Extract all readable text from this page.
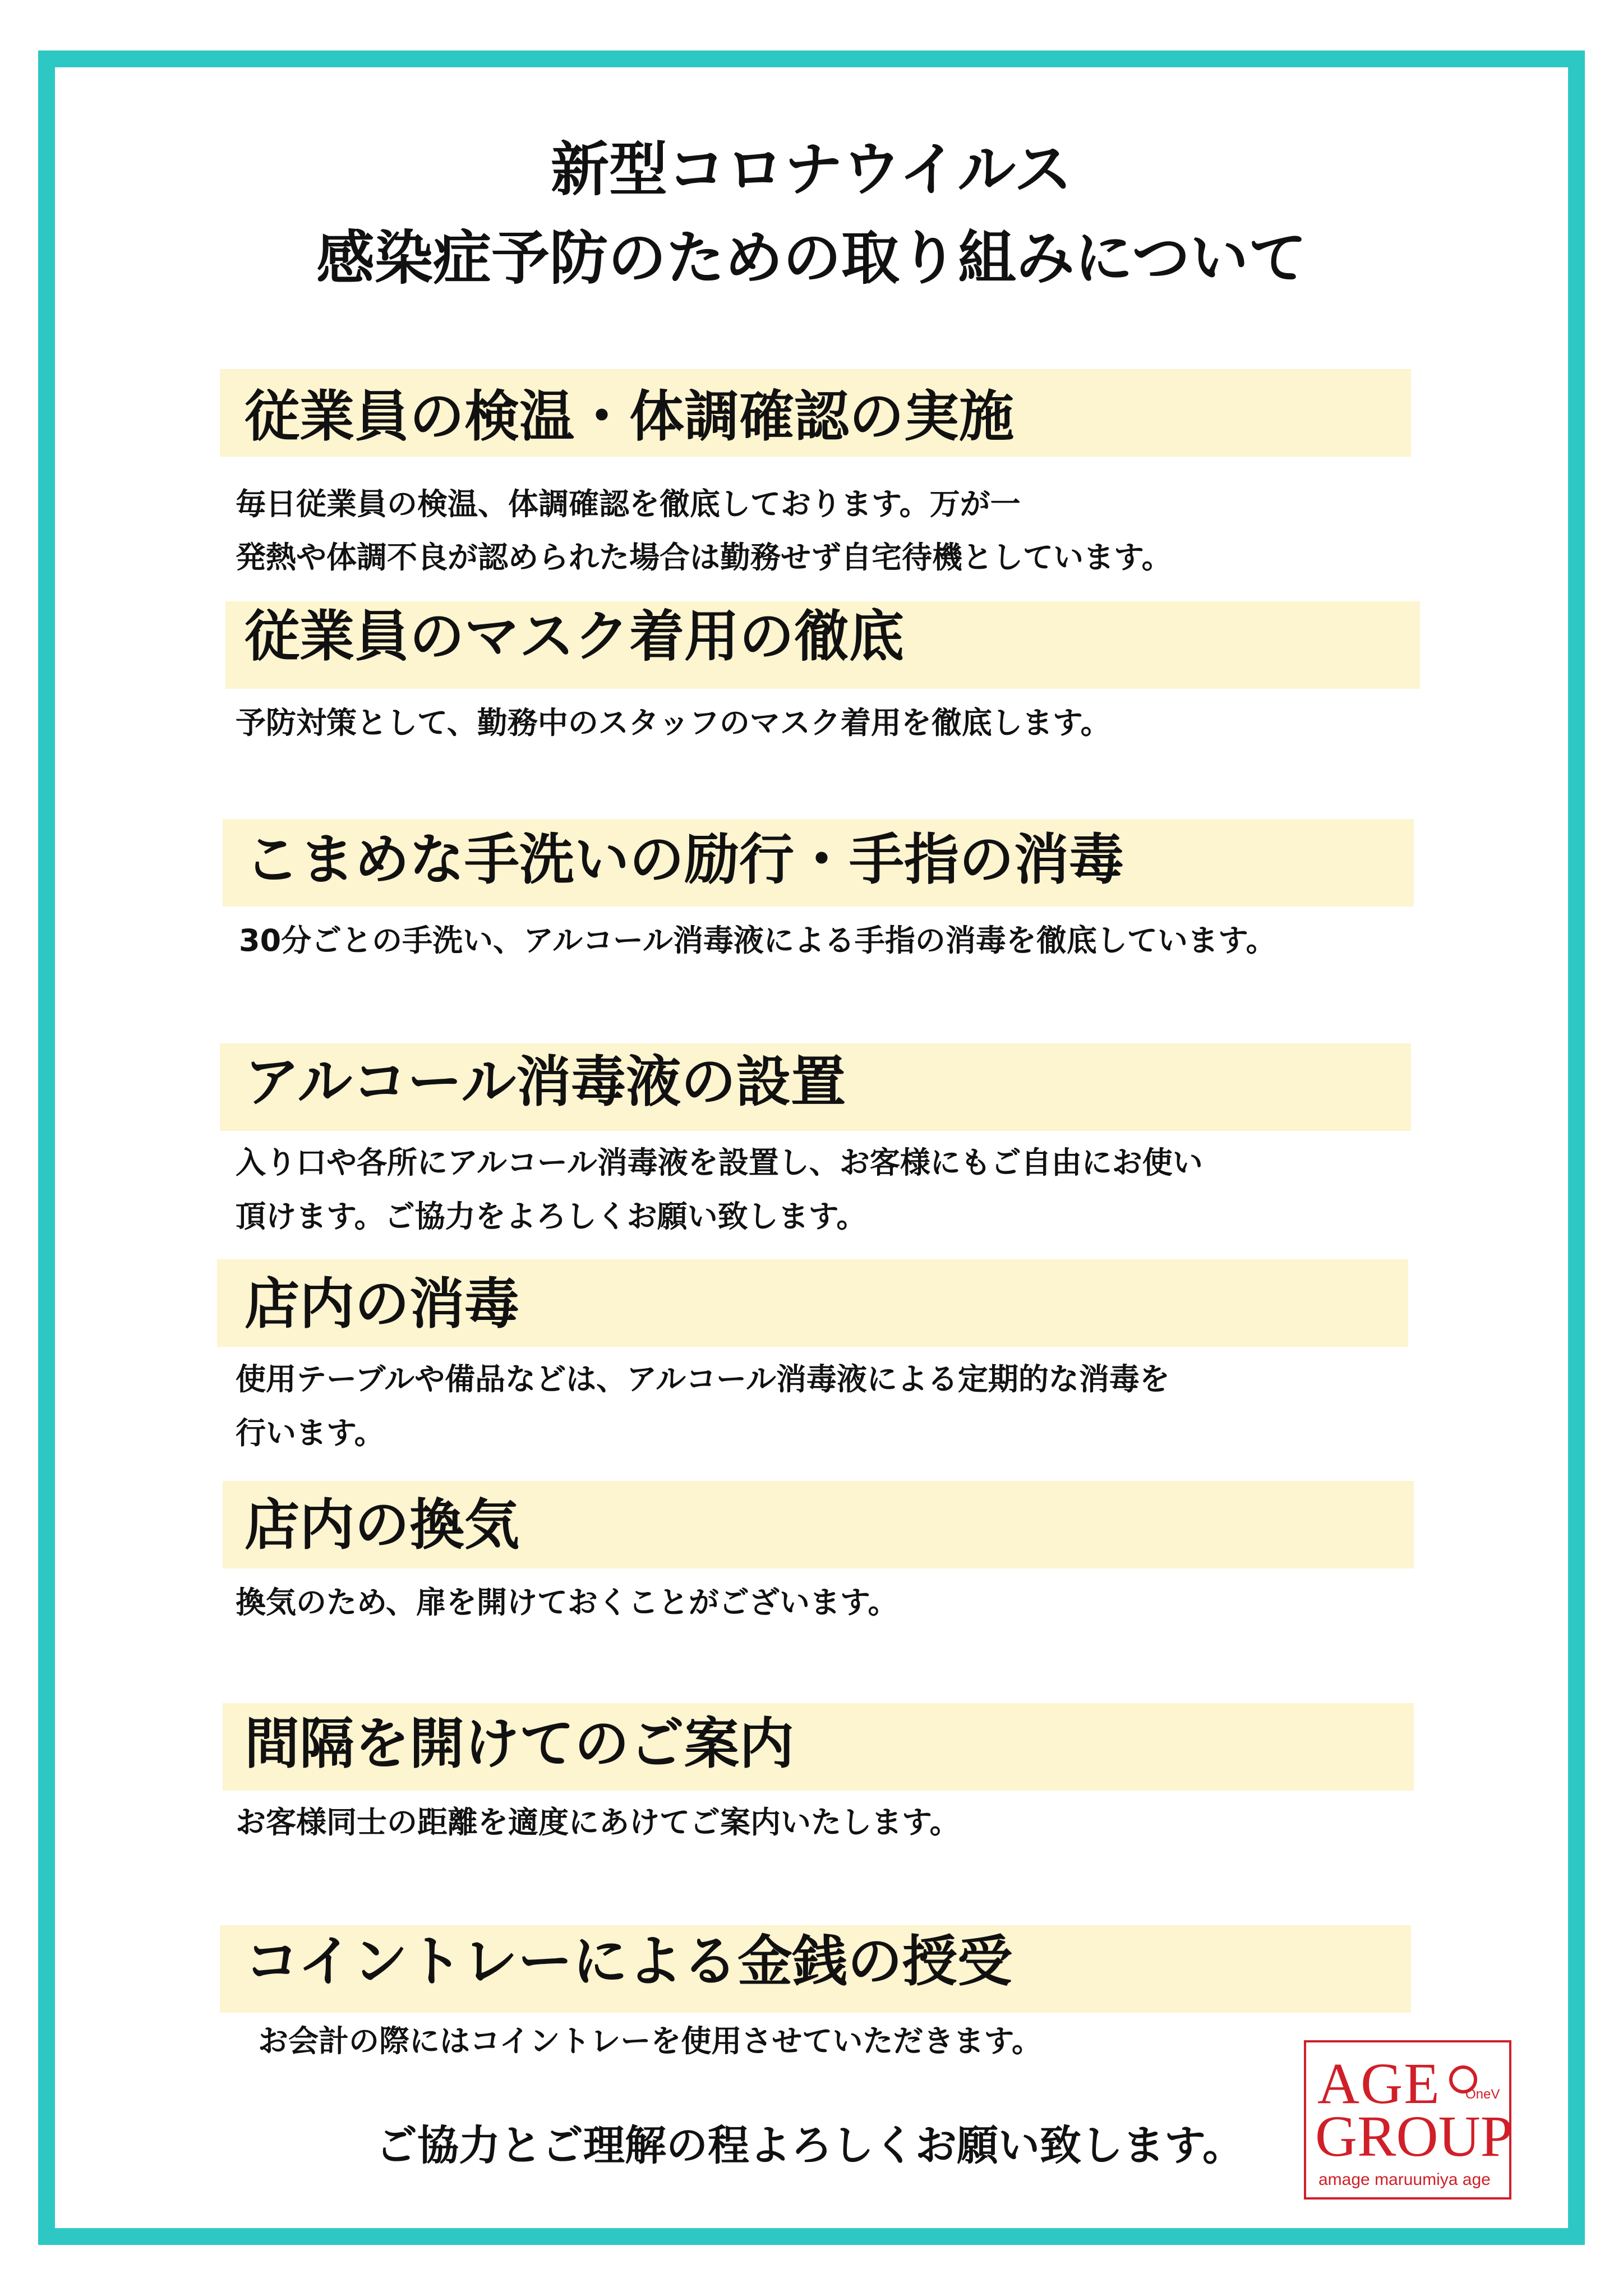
新型コロナウイルス
感染症予防のための取り組みについて
従業員の検温・体調確認の実施
毎日従業員の検温、体調確認を徹底しております。万が一
発熱や体調不良が認められた場合は勤務せず自宅待機としています。
従業員のマスク着用の徹底
予防対策として、勤務中のスタッフのマスク着用を徹底します。
こまめな手洗いの励行・手指の消毒
30分ごとの手洗い、アルコール消毒液による手指の消毒を徹底しています。
アルコール消毒液の設置
入り口や各所にアルコール消毒液を設置し、お客様にもご自由にお使い
頂けます。ご協力をよろしくお願い致します。
店内の消毒
使用テーブルや備品などは、アルコール消毒液による定期的な消毒を
行います。
店内の換気
換気のため、扉を開けておくことがございます。
間隔を開けてのご案内
お客様同士の距離を適度にあけてご案内いたします。
コイントレーによる金銭の授受
お会計の際にはコイントレーを使用させていただきます。
ご協力とご理解の程よろしくお願い致します。
AGE OneV
GROUP
amage maruumiya age
